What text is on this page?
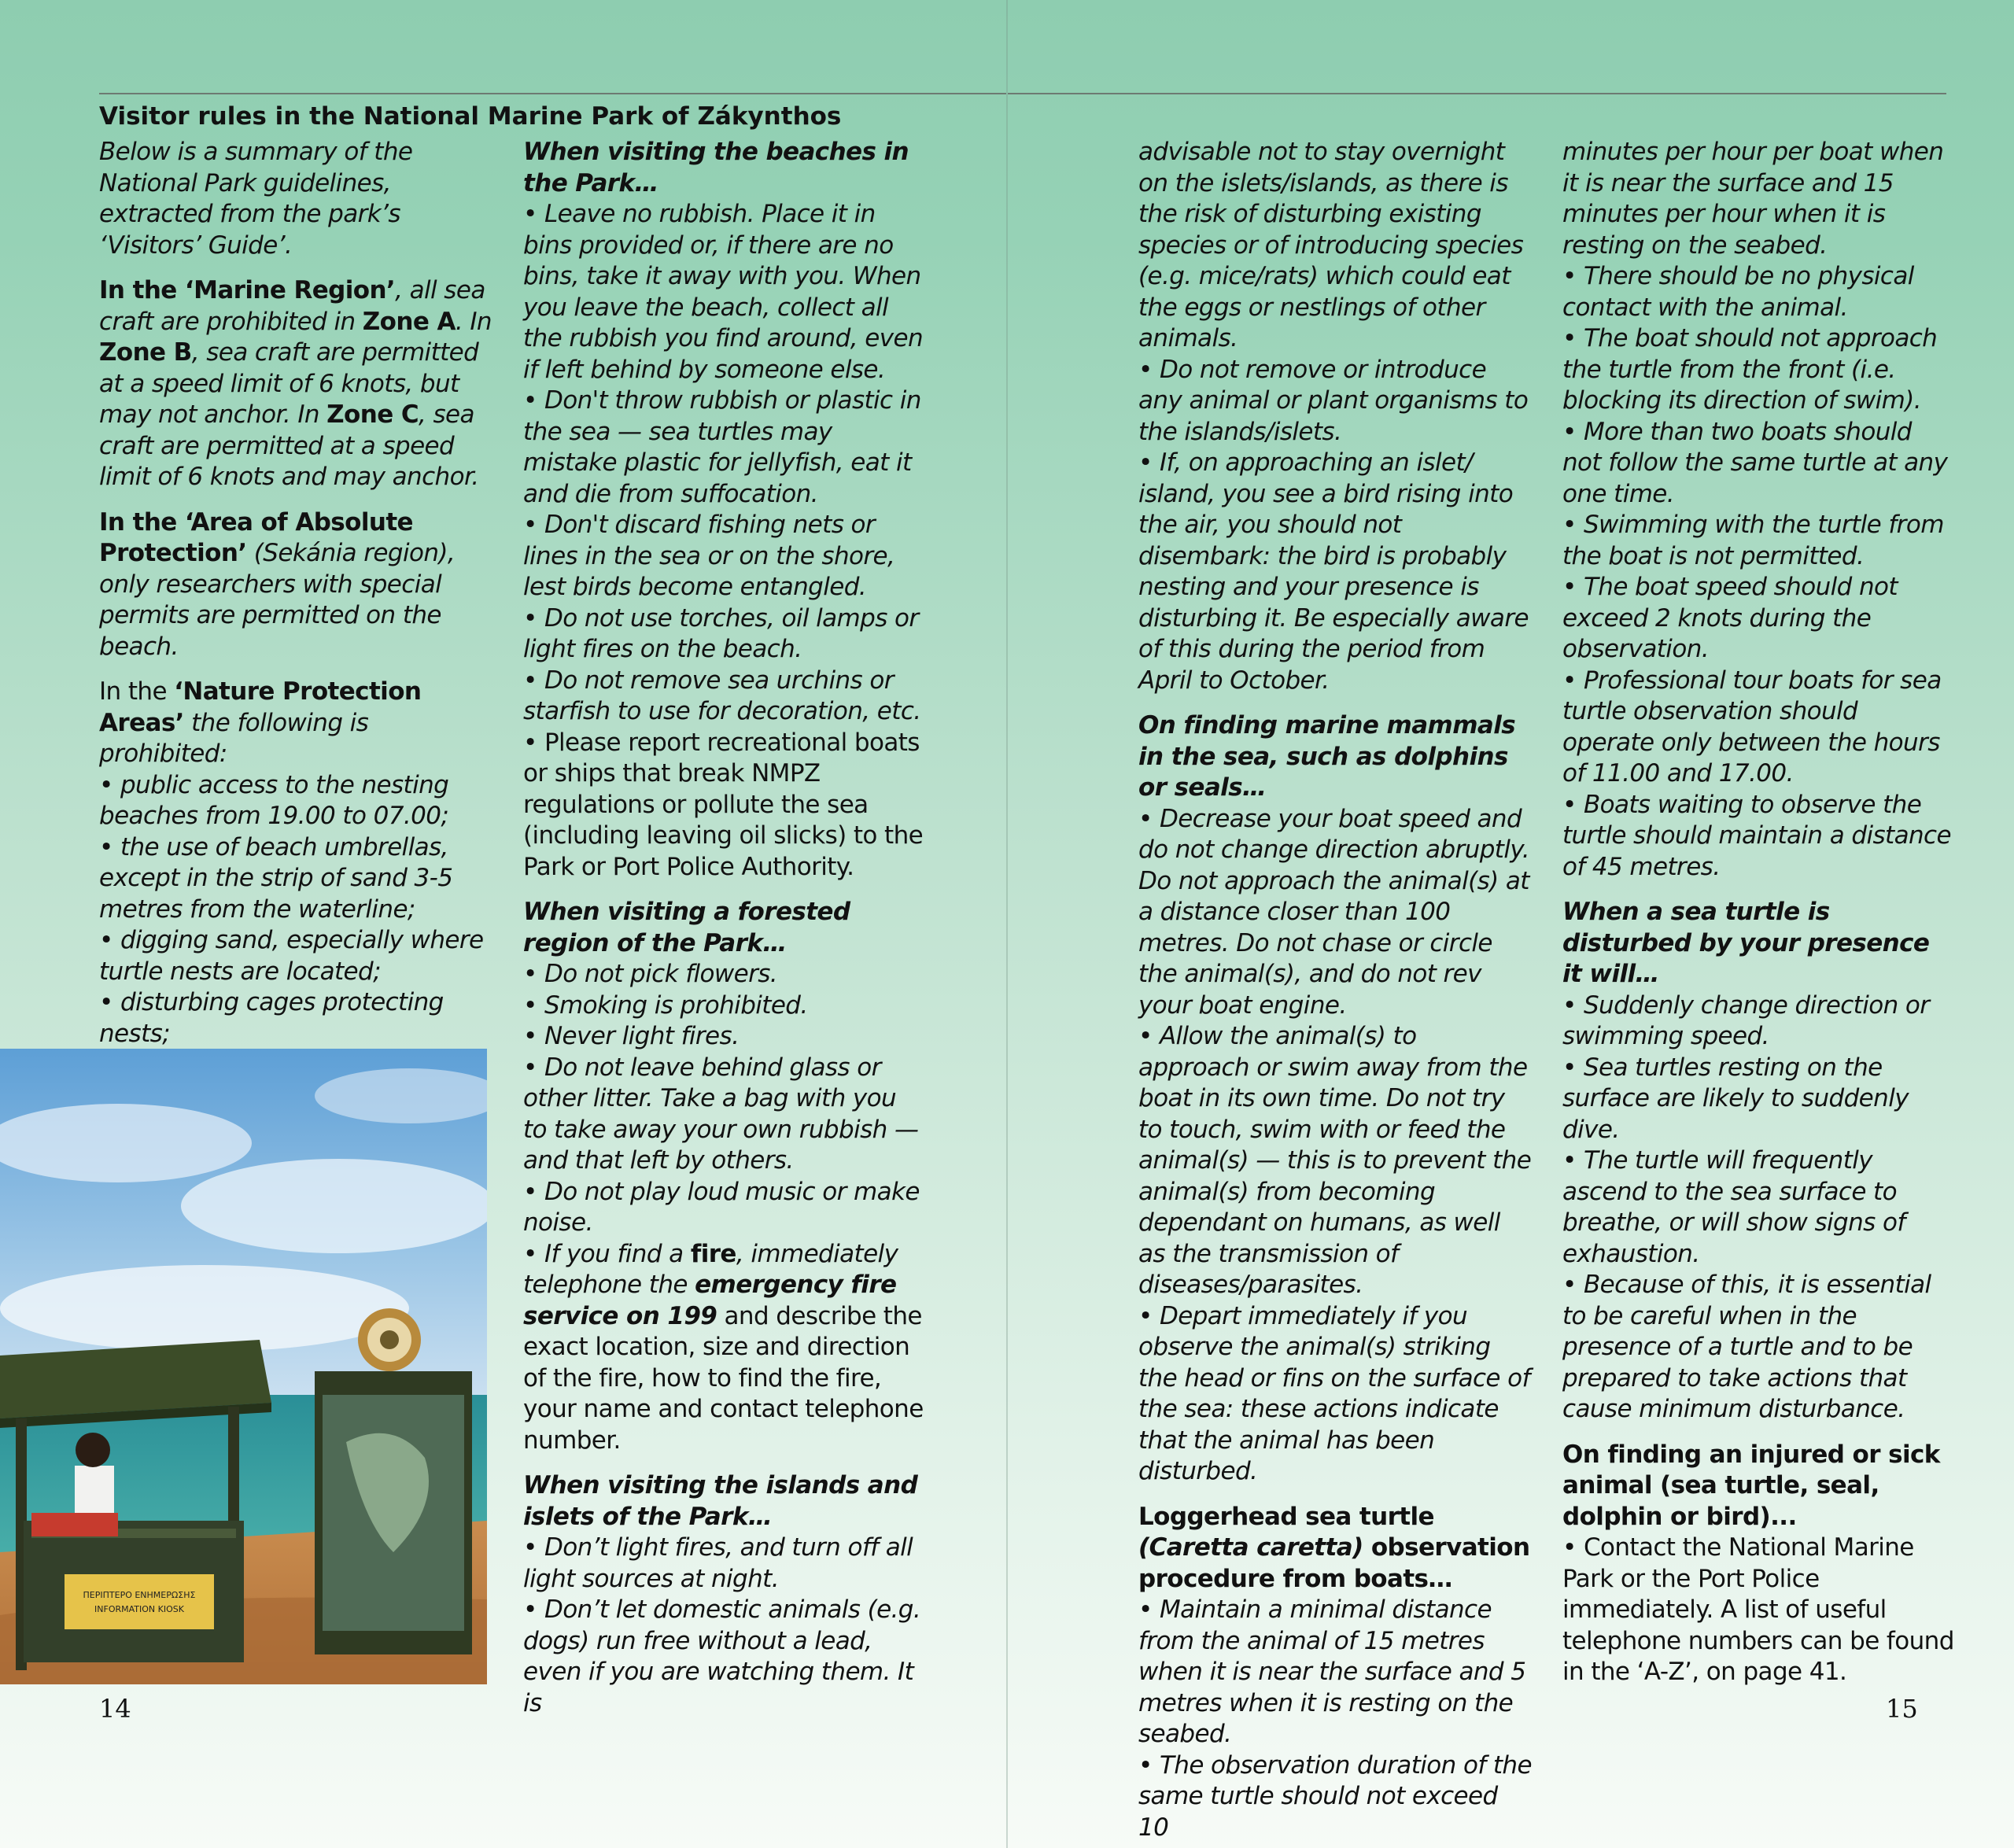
Visitor rules in the National Marine Park of Zákynthos

Below is a summary of the National Park guidelines, extracted from the park’s ‘Visitors’ Guide’.

In the ‘Marine Region’, all sea craft are prohibited in Zone A. In Zone B, sea craft are permitted at a speed limit of 6 knots, but may not anchor. In Zone C, sea craft are permitted at a speed limit of 6 knots and may anchor.

In the ‘Area of Absolute Protection’ (Sekánia region), only researchers with special permits are permitted on the beach.

In the ‘Nature Protection Areas’ the following is prohibited:

• public access to the nesting beaches from 19.00 to 07.00;

• the use of beach umbrellas, except in the strip of sand 3-5 metres from the waterline;

• digging sand, especially where turtle nests are located;

• disturbing cages protecting nests;

ΠΕΡΙΠΤΕΡΟ ΕΝΗΜΕΡΩΣΗΣ
INFORMATION KIOSK

When visiting the beaches in the Park…

• Leave no rubbish. Place it in bins provided or, if there are no bins, take it away with you. When you leave the beach, collect all the rubbish you find around, even if left behind by someone else.

• Don't throw rubbish or plastic in the sea — sea turtles may mistake plastic for jellyfish, eat it and die from suffocation.

• Don't discard fishing nets or lines in the sea or on the shore, lest birds become entangled.

• Do not use torches, oil lamps or light fires on the beach.

• Do not remove sea urchins or starfish to use for decoration, etc.

• Please report recreational boats or ships that break NMPZ regulations or pollute the sea (including leaving oil slicks) to the Park or Port Police Authority.

When visiting a forested region of the Park…

• Do not pick flowers.

• Smoking is prohibited.

• Never light fires.

• Do not leave behind glass or other litter. Take a bag with you to take away your own rubbish — and that left by others.

• Do not play loud music or make noise.

• If you find a fire, immediately telephone the emergency fire service on 199 and describe the exact location, size and direction of the fire, how to find the fire, your name and contact telephone number.

When visiting the islands and islets of the Park…

• Don’t light fires, and turn off all light sources at night.

• Don’t let domestic animals (e.g. dogs) run free without a lead, even if you are watching them. It is

advisable not to stay overnight on the islets/islands, as there is the risk of disturbing existing species or of introducing species (e.g. mice/rats) which could eat the eggs or nestlings of other animals.

• Do not remove or introduce any animal or plant organisms to the islands/islets.

• If, on approaching an islet/ island, you see a bird rising into the air, you should not disembark: the bird is probably nesting and your presence is disturbing it. Be especially aware of this during the period from April to October.

On finding marine mammals in the sea, such as dolphins or seals…

• Decrease your boat speed and do not change direction abruptly. Do not approach the animal(s) at a distance closer than 100 metres. Do not chase or circle the animal(s), and do not rev your boat engine.

• Allow the animal(s) to approach or swim away from the boat in its own time. Do not try to touch, swim with or feed the animal(s) — this is to prevent the animal(s) from becoming dependant on humans, as well as the transmission of diseases/parasites.

• Depart immediately if you observe the animal(s) striking the head or fins on the surface of the sea: these actions indicate that the animal has been disturbed.

Loggerhead sea turtle (Caretta caretta) observation procedure from boats…

• Maintain a minimal distance from the animal of 15 metres when it is near the surface and 5 metres when it is resting on the seabed.

• The observation duration of the same turtle should not exceed 10

minutes per hour per boat when it is near the surface and 15 minutes per hour when it is resting on the seabed.

• There should be no physical contact with the animal.

• The boat should not approach the turtle from the front (i.e. blocking its direction of swim).

• More than two boats should not follow the same turtle at any one time.

• Swimming with the turtle from the boat is not permitted.

• The boat speed should not exceed 2 knots during the observation.

• Professional tour boats for sea turtle observation should operate only between the hours of 11.00 and 17.00.

• Boats waiting to observe the turtle should maintain a distance of 45 metres.

When a sea turtle is disturbed by your presence it will…

• Suddenly change direction or swimming speed.

• Sea turtles resting on the surface are likely to suddenly dive.

• The turtle will frequently ascend to the sea surface to breathe, or will show signs of exhaustion.

• Because of this, it is essential to be careful when in the presence of a turtle and to be prepared to take actions that cause minimum disturbance.

On finding an injured or sick animal (sea turtle, seal, dolphin or bird)...

• Contact the National Marine Park or the Port Police immediately. A list of useful telephone numbers can be found in the ‘A-Z’, on page 41.

14	15
